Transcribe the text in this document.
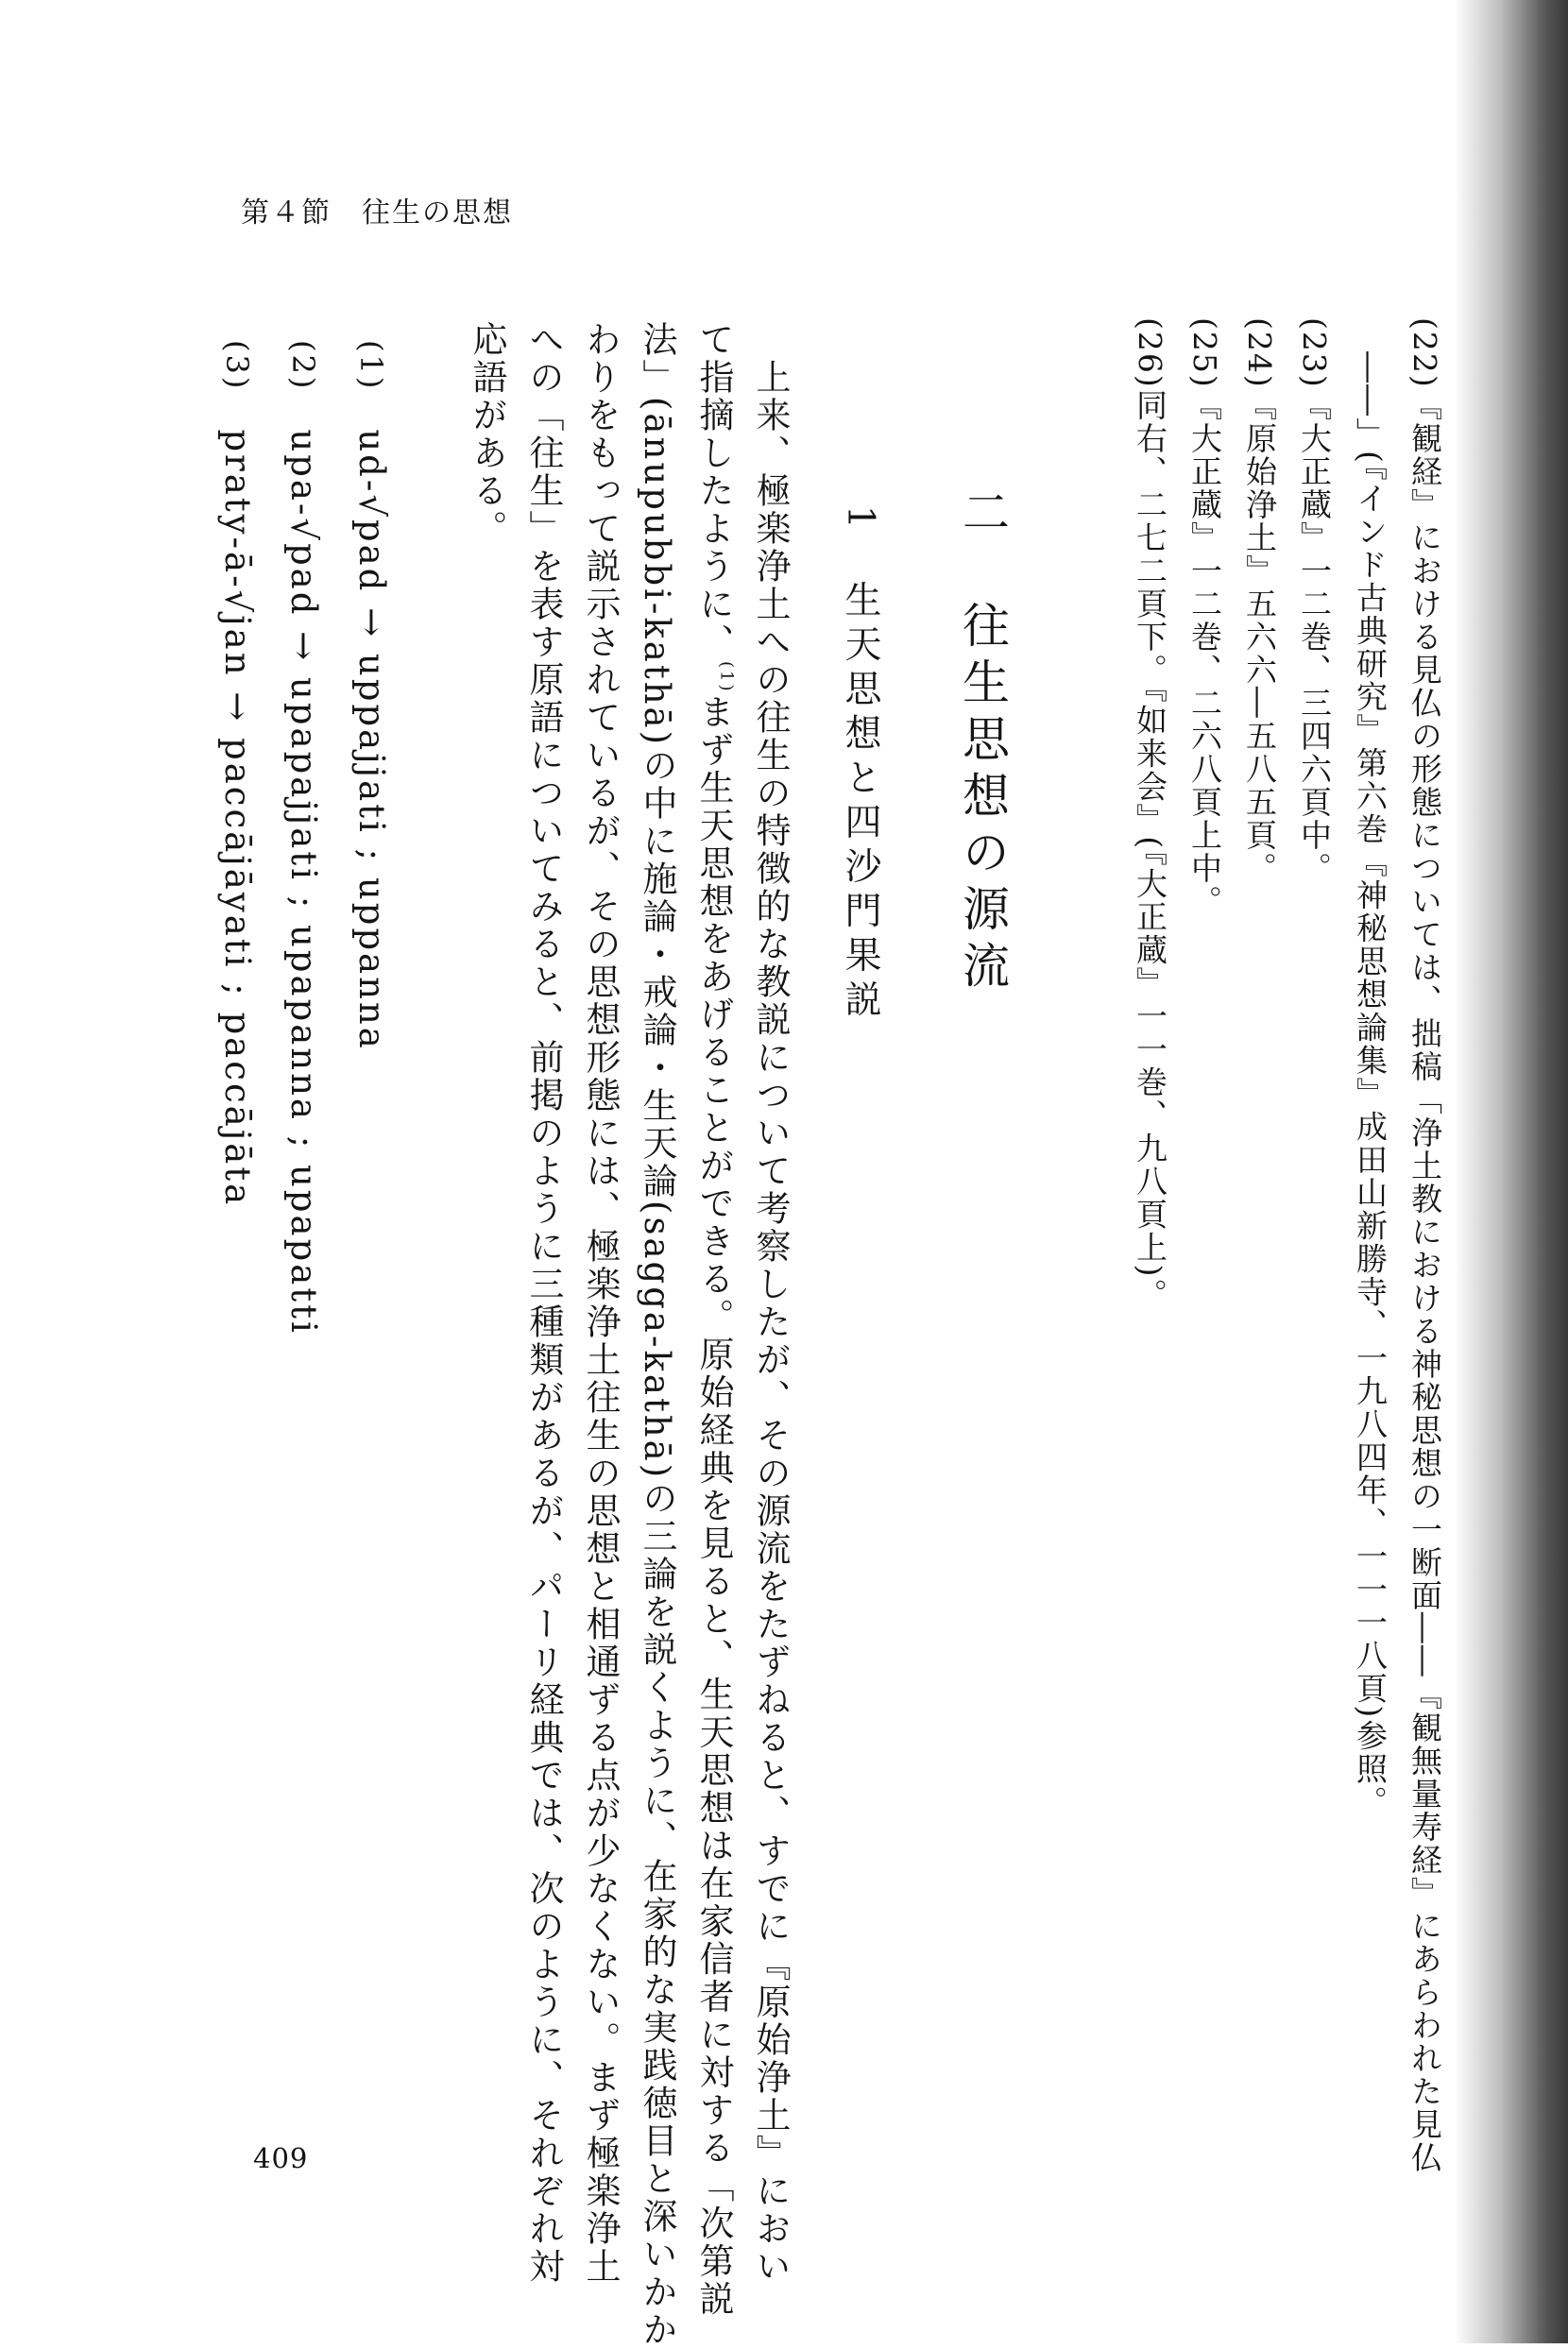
(22)『観経』における見仏の形態については、拙稿「浄土教における神秘思想の一断面――『観無量寿経』にあらわれた見仏
――」(『インド古典研究』第六巻『神秘思想論集』成田山新勝寺、一九八四年、一一一八頁)参照。
(23)『大正蔵』一二巻、三四六頁中。
(24)『原始浄土』五六六―五八五頁。
(25)『大正蔵』一二巻、二六八頁上中。
(26)同右、二七二頁下。『如来会』(『大正蔵』一一巻、九八頁上)。
二　往生思想の源流
1　生天思想と四沙門果説
　上来、極楽浄土への往生の特徴的な教説について考察したが、その源流をたずねると、すでに『原始浄土』におい
て指摘したように、$^{(1)}$まず生天思想をあげることができる。原始経典を見ると、生天思想は在家信者に対する「次第説
法」(ānupubbi-kathā)の中に施論・戒論・生天論(sagga-kathā)の三論を説くように、在家的な実践徳目と深いかか
わりをもって説示されているが、その思想形態には、極楽浄土往生の思想と相通ずる点が少なくない。まず極楽浄土
への「往生」を表す原語についてみると、前掲のように三種類があるが、パーリ経典では、次のように、それぞれ対
応語がある。
(1)　ud-√pad → uppajjati ; uppanna
(2)　upa-√pad → upapajjati ; upapanna ; upapatti
(3)　praty-ā-√jan → paccājāyati ; paccājāta
第４節　往生の思想
409
